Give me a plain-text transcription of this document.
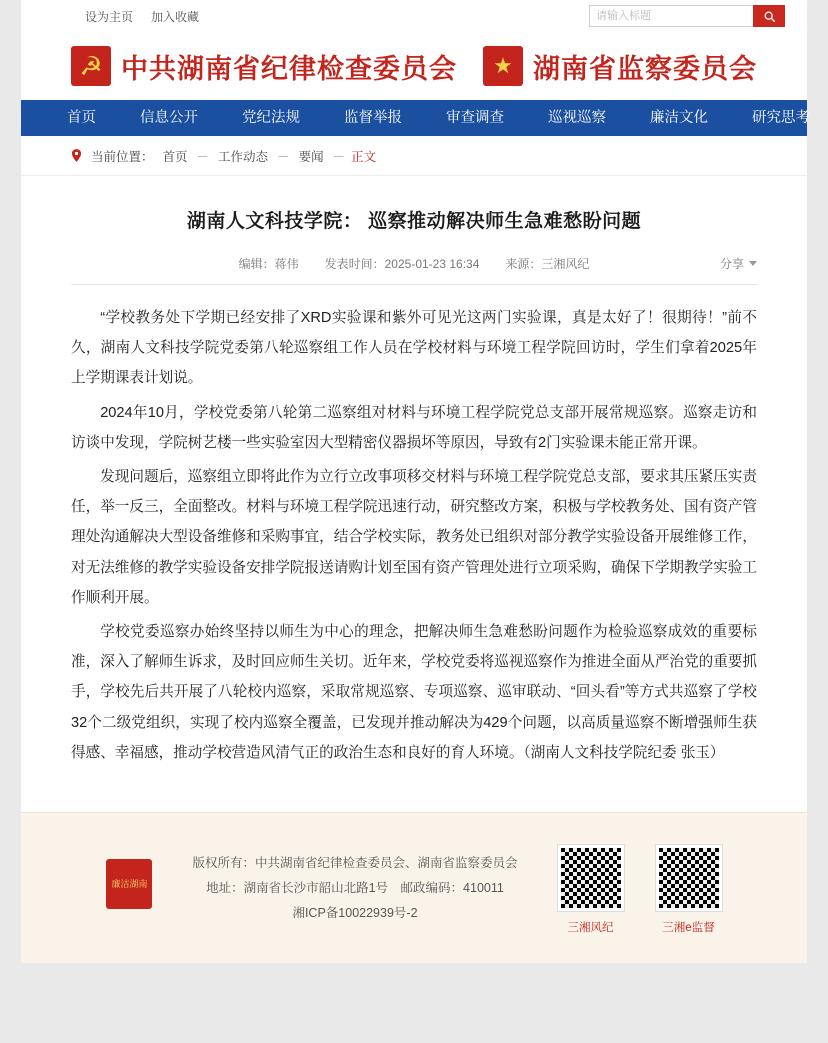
设为主页 加入收藏
请输入标题
☭ 中共湖南省纪律检查委员会 ★ 湖南省监察委员会
首页	信息公开	党纪法规	监督举报	审查调查	巡视巡察	廉洁文化	研究思考
当前位置： 首页 － 工作动态 － 要闻 － 正文
湖南人文科技学院： 巡察推动解决师生急难愁盼问题
编辑：蒋伟 发表时间：2025-01-23 16:34 来源：三湘风纪	分享

“学校教务处下学期已经安排了XRD实验课和紫外可见光这两门实验课，真是太好了！很期待！”前不久，湖南人文科技学院党委第八轮巡察组工作人员在学校材料与环境工程学院回访时，学生们拿着2025年上学期课表计划说。

2024年10月，学校党委第八轮第二巡察组对材料与环境工程学院党总支部开展常规巡察。巡察走访和访谈中发现，学院树艺楼一些实验室因大型精密仪器损坏等原因，导致有2门实验课未能正常开课。

发现问题后，巡察组立即将此作为立行立改事项移交材料与环境工程学院党总支部，要求其压紧压实责任，举一反三，全面整改。材料与环境工程学院迅速行动，研究整改方案，积极与学校教务处、国有资产管理处沟通解决大型设备维修和采购事宜，结合学校实际，教务处已组织对部分教学实验设备开展维修工作，对无法维修的教学实验设备安排学院报送请购计划至国有资产管理处进行立项采购，确保下学期教学实验工作顺利开展。

学校党委巡察办始终坚持以师生为中心的理念，把解决师生急难愁盼问题作为检验巡察成效的重要标准，深入了解师生诉求，及时回应师生关切。近年来，学校党委将巡视巡察作为推进全面从严治党的重要抓手，学校先后共开展了八轮校内巡察，采取常规巡察、专项巡察、巡审联动、“回头看”等方式共巡察了学校32个二级党组织，实现了校内巡察全覆盖，已发现并推动解决为429个问题，以高质量巡察不断增强师生获得感、幸福感，推动学校营造风清气正的政治生态和良好的育人环境。（湖南人文科技学院纪委 张玉）

廉洁湖南
版权所有：中共湖南省纪律检查委员会、湖南省监察委员会
地址：湖南省长沙市韶山北路1号　邮政编码：410011
湘ICP备10022939号-2
三湘风纪	三湘e监督
